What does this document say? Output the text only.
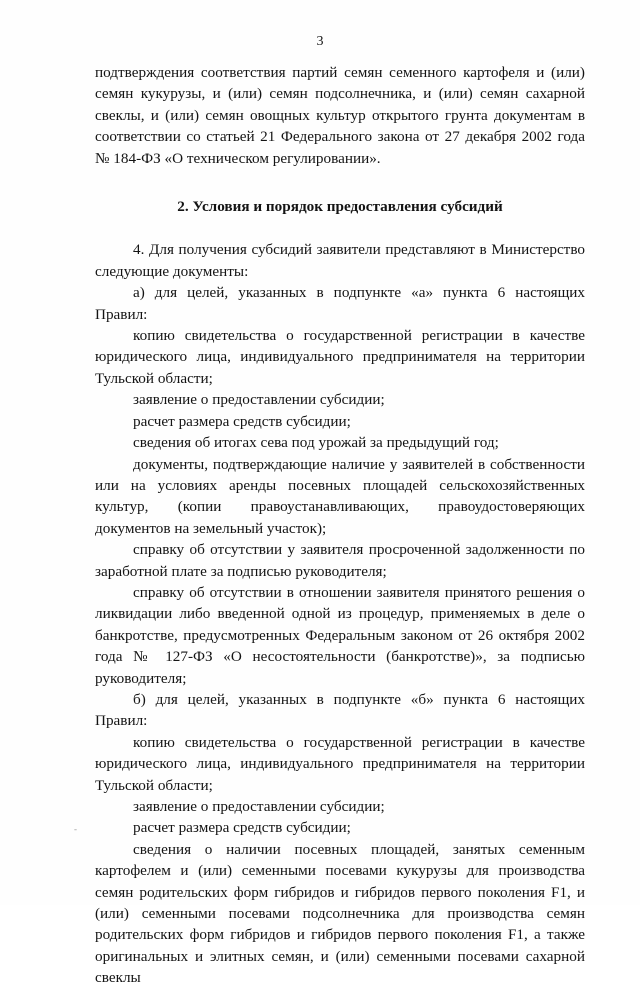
3
-

подтверждения соответствия партий семян семенного картофеля и (или) семян кукурузы, и (или) семян подсолнечника, и (или) семян сахарной свеклы, и (или) семян овощных культур открытого грунта документам в соответствии со статьей 21 Федерального закона от 27 декабря 2002 года № 184-ФЗ «О техническом регулировании».

2. Условия и порядок предоставления субсидий

4. Для получения субсидий заявители представляют в Министерство следующие документы:

а) для целей, указанных в подпункте «а» пункта 6 настоящих Правил:

копию свидетельства о государственной регистрации в качестве юридического лица, индивидуального предпринимателя на территории Тульской области;

заявление о предоставлении субсидии;

расчет размера средств субсидии;

сведения об итогах сева под урожай за предыдущий год;

документы, подтверждающие наличие у заявителей в собственности или на условиях аренды посевных площадей сельскохозяйственных культур, (копии правоустанавливающих, правоудостоверяющих документов на земельный участок);

справку об отсутствии у заявителя просроченной задолженности по заработной плате за подписью руководителя;

справку об отсутствии в отношении заявителя принятого решения о ликвидации либо введенной одной из процедур, применяемых в деле о банкротстве, предусмотренных Федеральным законом от 26 октября 2002 года № 127-ФЗ «О несостоятельности (банкротстве)», за подписью руководителя;

б) для целей, указанных в подпункте «б» пункта 6 настоящих Правил:

копию свидетельства о государственной регистрации в качестве юридического лица, индивидуального предпринимателя на территории Тульской области;

заявление о предоставлении субсидии;

расчет размера средств субсидии;

сведения о наличии посевных площадей, занятых семенным картофелем и (или) семенными посевами кукурузы для производства семян родительских форм гибридов и гибридов первого поколения F1, и (или) семенными посевами подсолнечника для производства семян родительских форм гибридов и гибридов первого поколения F1, а также оригинальных и элитных семян, и (или) семенными посевами сахарной свеклы
